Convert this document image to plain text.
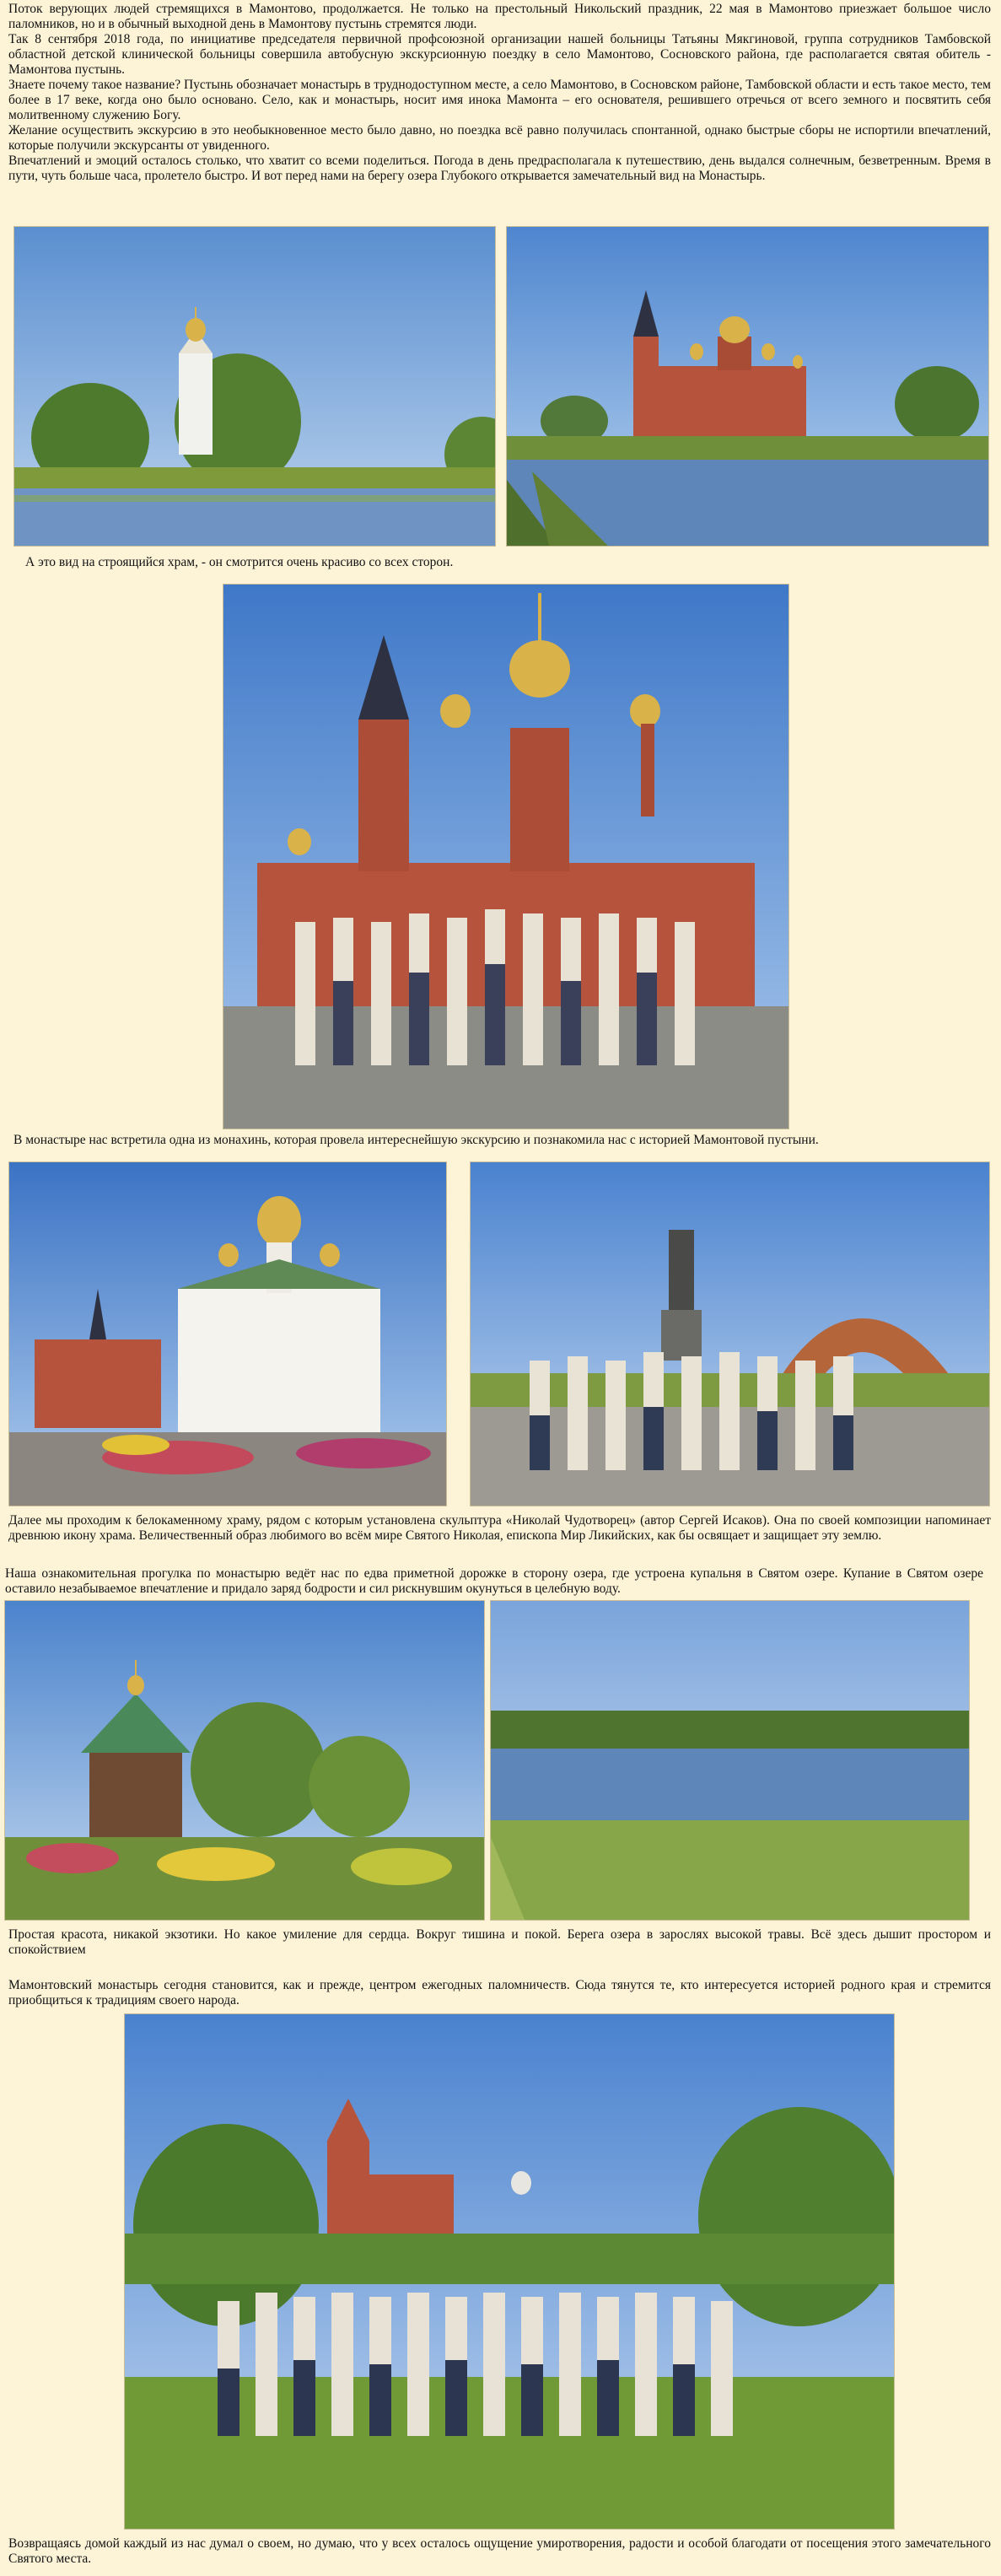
Поток верующих людей стремящихся в Мамонтово, продолжается. Не только на престольный Никольский праздник, 22 мая в Мамонтово приезжает большое число паломников, но и в обычный выходной день в Мамонтову пустынь стремятся люди.

Так 8 сентября 2018 года, по инициативе председателя первичной профсоюзной организации нашей больницы Татьяны Мякгиновой, группа сотрудников Тамбовской областной детской клинической больницы совершила автобусную экскурсионную поездку в село Мамонтово, Сосновского района, где располагается святая обитель - Мамонтова пустынь.

Знаете почему такое название? Пустынь обозначает монастырь в труднодоступном месте, а село Мамонтово, в Сосновском районе, Тамбовской области и есть такое место, тем более в 17 веке, когда оно было основано. Село, как и монастырь, носит имя инока Мамонта – его основателя, решившего отречься от всего земного и посвятить себя молитвенному служению Богу.

Желание осуществить экскурсию в это необыкновенное место было давно, но поездка всё равно получилась спонтанной, однако быстрые сборы не испортили впечатлений, которые получили экскурсанты от увиденного.

Впечатлений и эмоций осталось столько, что хватит со всеми поделиться. Погода в день предрасполагала к путешествию, день выдался солнечным, безветренным. Время в пути, чуть больше часа, пролетело быстро. И вот перед нами на берегу озера Глубокого открывается замечательный вид на Монастырь.

А это вид на строящийся храм, - он смотрится очень красиво со всех сторон.
В монастыре нас встретила одна из монахинь, которая провела интереснейшую экскурсию и познакомила нас с историей Мамонтовой пустыни.
Далее мы проходим к белокаменному храму, рядом с которым установлена скульптура «Николай Чудотворец» (автор Сергей Исаков). Она по своей композиции напоминает древнюю икону храма. Величественный образ любимого во всём мире Святого Николая, епископа Мир Ликийских, как бы освящает и защищает эту землю.
Наша ознакомительная прогулка по монастырю ведёт нас по едва приметной дорожке в сторону озера, где устроена купальня в Святом озере. Купание в Святом озере оставило незабываемое впечатление и придало заряд бодрости и сил рискнувшим окунуться в целебную воду.
Простая красота, никакой экзотики. Но какое умиление для сердца. Вокруг тишина и покой. Берега озера в зарослях высокой травы. Всё здесь дышит простором и спокойствием
Мамонтовский монастырь сегодня становится, как и прежде, центром ежегодных паломничеств. Сюда тянутся те, кто интересуется историей родного края и стремится приобщиться к традициям своего народа.
Возвращаясь домой каждый из нас думал о своем, но думаю, что у всех осталось ощущение умиротворения, радости и особой благодати от посещения этого замечательного Святого места.
